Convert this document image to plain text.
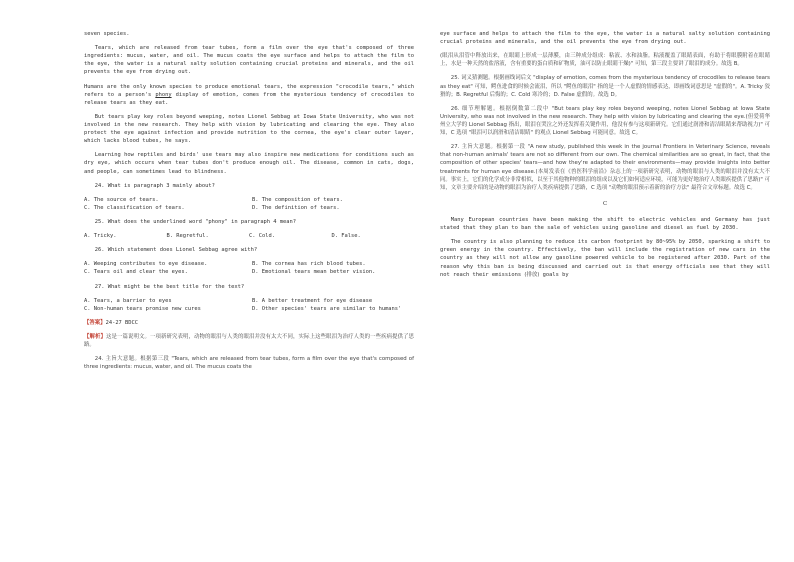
seven species.

Tears, which are released from tear tubes, form a film over the eye that's composed of three ingredients: mucus, water, and oil. The mucus coats the eye surface and helps to attach the film to the eye, the water is a natural salty solution containing crucial proteins and minerals, and the oil prevents the eye from drying out.

Humans are the only known species to produce emotional tears, the expression "crocodile tears," which refers to a person's phony display of emotion, comes from the mysterious tendency of crocodiles to release tears as they eat.

But tears play key roles beyond weeping, notes Lionel Sebbag at Iowa State University, who was not involved in the new research. They help with vision by lubricating and clearing the eye. They also protect the eye against infection and provide nutrition to the cornea, the eye's clear outer layer, which lacks blood tubes, he says.

Learning how reptiles and birds' use tears may also inspire new medications for conditions such as dry eye, which occurs when tear tubes don't produce enough oil. The disease, common in cats, dogs, and people, can sometimes lead to blindness.

24. What is paragraph 3 mainly about?

A. The source of tears.	B. The composition of tears.
C. The classification of tears.	D. The definition of tears.

25. What does the underlined word "phony" in paragraph 4 mean?

A. Tricky.	B. Regretful.	C. Cold.	D. False.

26. Which statement does Lionel Sebbag agree with?

A. Weeping contributes to eye disease.	B. The cornea has rich blood tubes.
C. Tears oil and clear the eyes.	D. Emotional tears mean better vision.

27. What might be the best title for the text?

A. Tears, a barrier to eyes	B. A better treatment for eye disease
C. Non-human tears promise new cures	D. Other species' tears are similar to humans'

【答案】24-27 BDCC

【解析】这是一篇说明文。一项新研究表明，动物的眼泪与人类的眼泪并没有太大不同，实际上这些眼泪为治疗人类的一些疾病提供了思路。

24. 主旨大意题。根据第三段 "Tears, which are released from tear tubes, form a film over the eye that's composed of three ingredients: mucus, water, and oil. The mucus coats the

eye surface and helps to attach the film to the eye, the water is a natural salty solution containing crucial proteins and minerals, and the oil prevents the eye from drying out.

(眼泪从泪管中释放出来，在眼睛上形成一层薄膜，由三种成分组成：粘液、水和油脂。粘液覆盖了眼睛表面，有助于将眼膜附着在眼睛上，水是一种天然的盐溶液，含有重要的蛋白质和矿物质，油可以防止眼睛干燥)" 可知，第三段主要讲了眼泪的成分。故选 B。

25. 词义猜测题。根据画线词后文 "display of emotion, comes from the mysterious tendency of crocodiles to release tears as they eat" 可知，鳄鱼进食的时候会流泪，所以 "鳄鱼的眼泪" 指的是一个人虚假的情感表达，即画线词意思是 "虚假的"。A. Tricky 狡猾的；B. Regretful 后悔的；C. Cold 寒冷的；D. False 虚假的。故选 D。

26. 细节理解题。根据倒数第二段中 "But tears play key roles beyond weeping, notes Lionel Sebbag at Iowa State University, who was not involved in the new research. They help with vision by lubricating and clearing the eye.(但爱荷华州立大学的 Lionel Sebbag 指出，眼泪在哭泣之外还发挥着关键作用，他没有参与这项新研究。它们通过润滑和清洁眼睛来帮助视力)" 可知，C 选项 "眼泪可以润滑和清洁眼睛" 的观点 Lionel Sebbag 可能同意。故选 C。

27. 主旨大意题。根据第一段 "A new study, published this week in the journal Frontiers in Veterinary Science, reveals that non-human animals' tears are not so different from our own. The chemical similarities are so great, in fact, that the composition of other species' tears—and how they're adapted to their environments—may provide insights into better treatments for human eye disease.(本周发表在《兽医科学前沿》杂志上的一项新研究表明，动物的眼泪与人类的眼泪并没有太大不同。事实上，它们的化学成分非常相似，以至于其他物种的眼泪的组成以及它们如何适应环境，可能为更好地治疗人类眼疾提供了思路)" 可知，文章主要介绍的是动物的眼泪为治疗人类疾病提供了思路，C 选项 "动物的眼泪预示着新的治疗方法" 最符合文章标题。故选 C。

C

Many European countries have been making the shift to electric vehicles and Germany has just stated that they plan to ban the sale of vehicles using gasoline and diesel as fuel by 2030.

The country is also planning to reduce its carbon footprint by 80~95% by 2050, sparking a shift to green energy in the country. Effectively, the ban will include the registration of new cars in the country as they will not allow any gasoline powered vehicle to be registered after 2030. Part of the reason why this ban is being discussed and carried out is that energy officials see that they will not reach their emissions (排放) goals by
